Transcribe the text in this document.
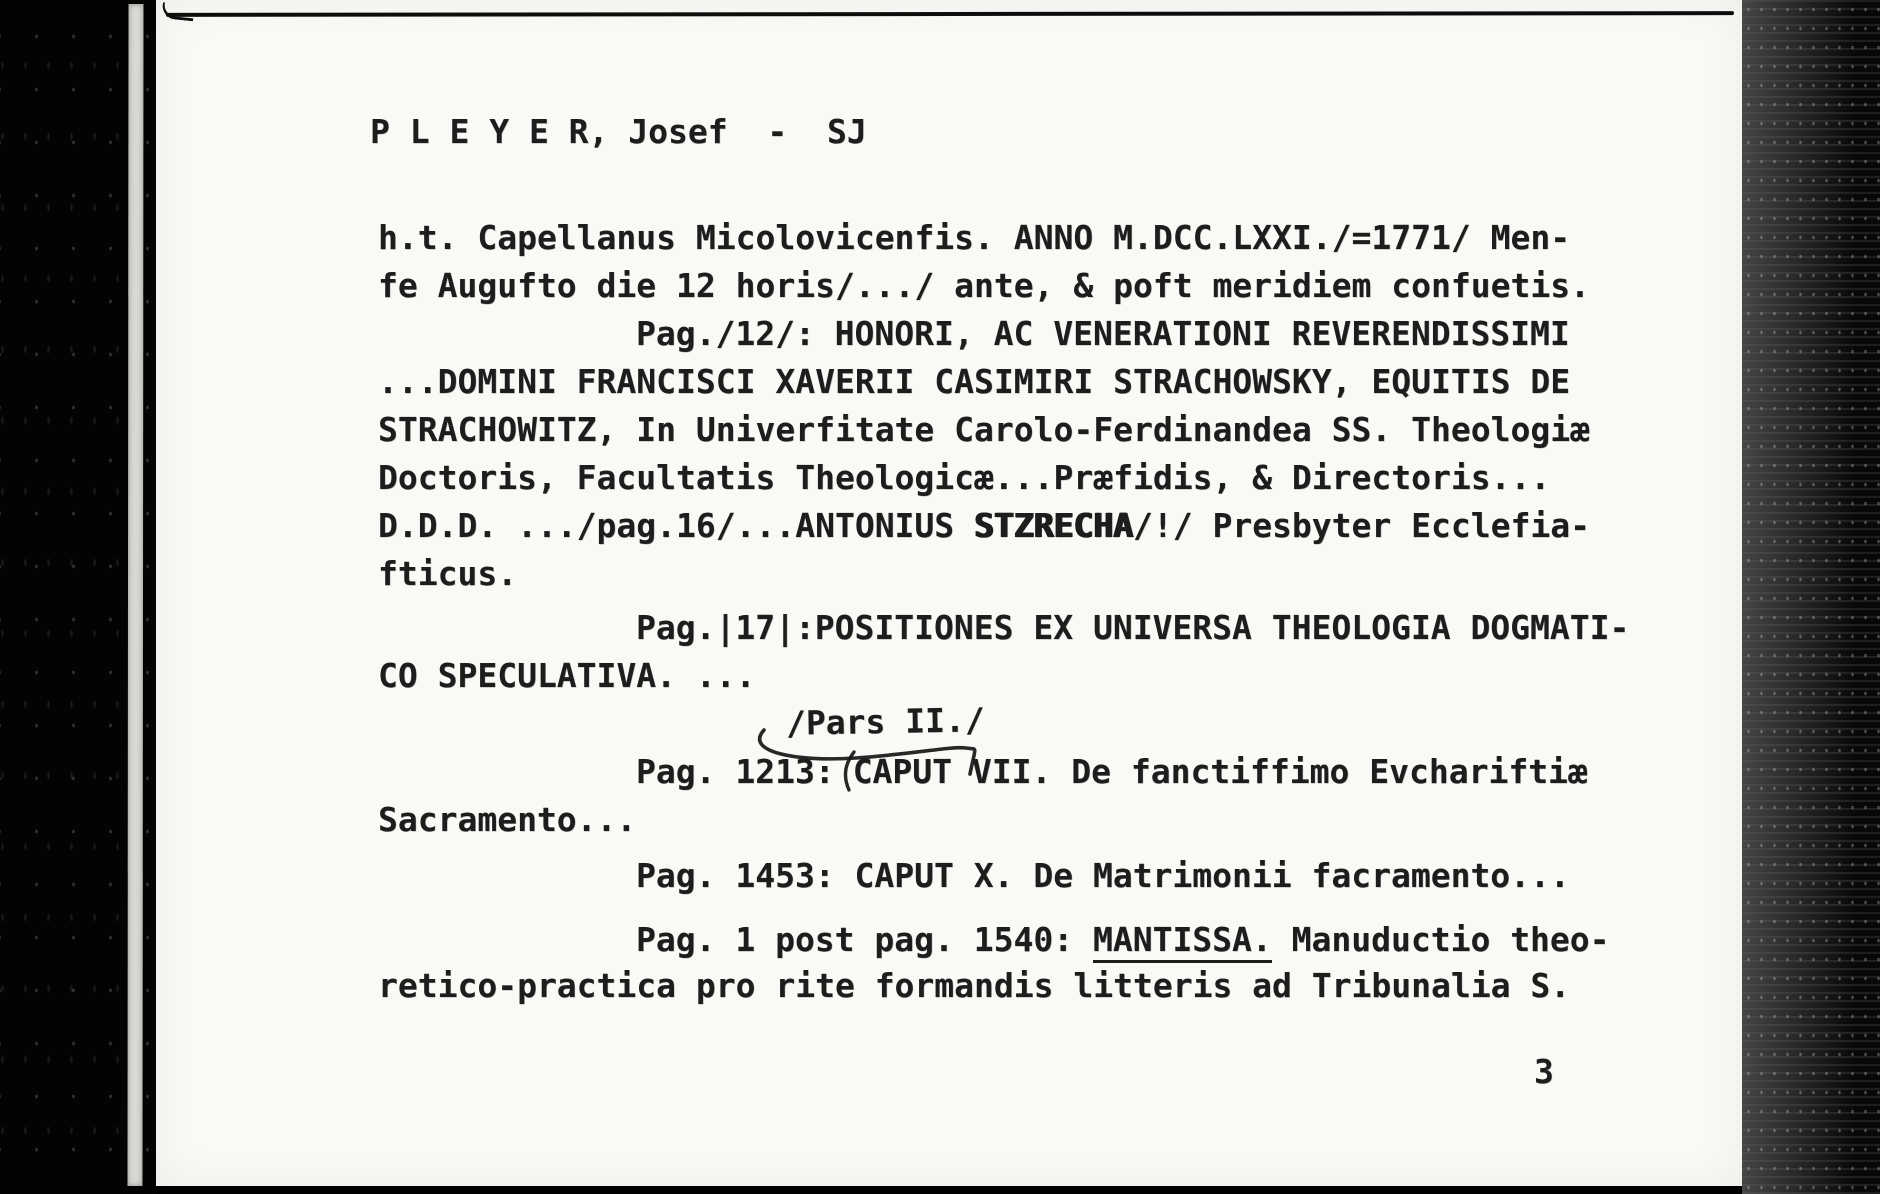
P L E Y E R, Josef  -  SJ
h.t. Capellanus Micolovicenfis. ANNO M.DCC.LXXI./=1771/ Men-
fe Augufto die 12 horis/.../ ante, & poft meridiem confuetis.
Pag./12/: HONORI, AC VENERATIONI REVERENDISSIMI
...DOMINI FRANCISCI XAVERII CASIMIRI STRACHOWSKY, EQUITIS DE
STRACHOWITZ, In Univerfitate Carolo-Ferdinandea SS. Theologiæ
Doctoris, Facultatis Theologicæ...Præfidis, & Directoris...
D.D.D. .../pag.16/...ANTONIUS STZRECHA/!/ Presbyter Ecclefia-
fticus.
Pag.|17|:POSITIONES EX UNIVERSA THEOLOGIA DOGMATI-
CO SPECULATIVA. ...
/Pars II./
Pag. 1213: CAPUT VII. De fanctiffimo Evchariftiæ
Sacramento...
Pag. 1453: CAPUT X. De Matrimonii facramento...
Pag. 1 post pag. 1540: MANTISSA. Manuductio theo-
retico-practica pro rite formandis litteris ad Tribunalia S.
3
